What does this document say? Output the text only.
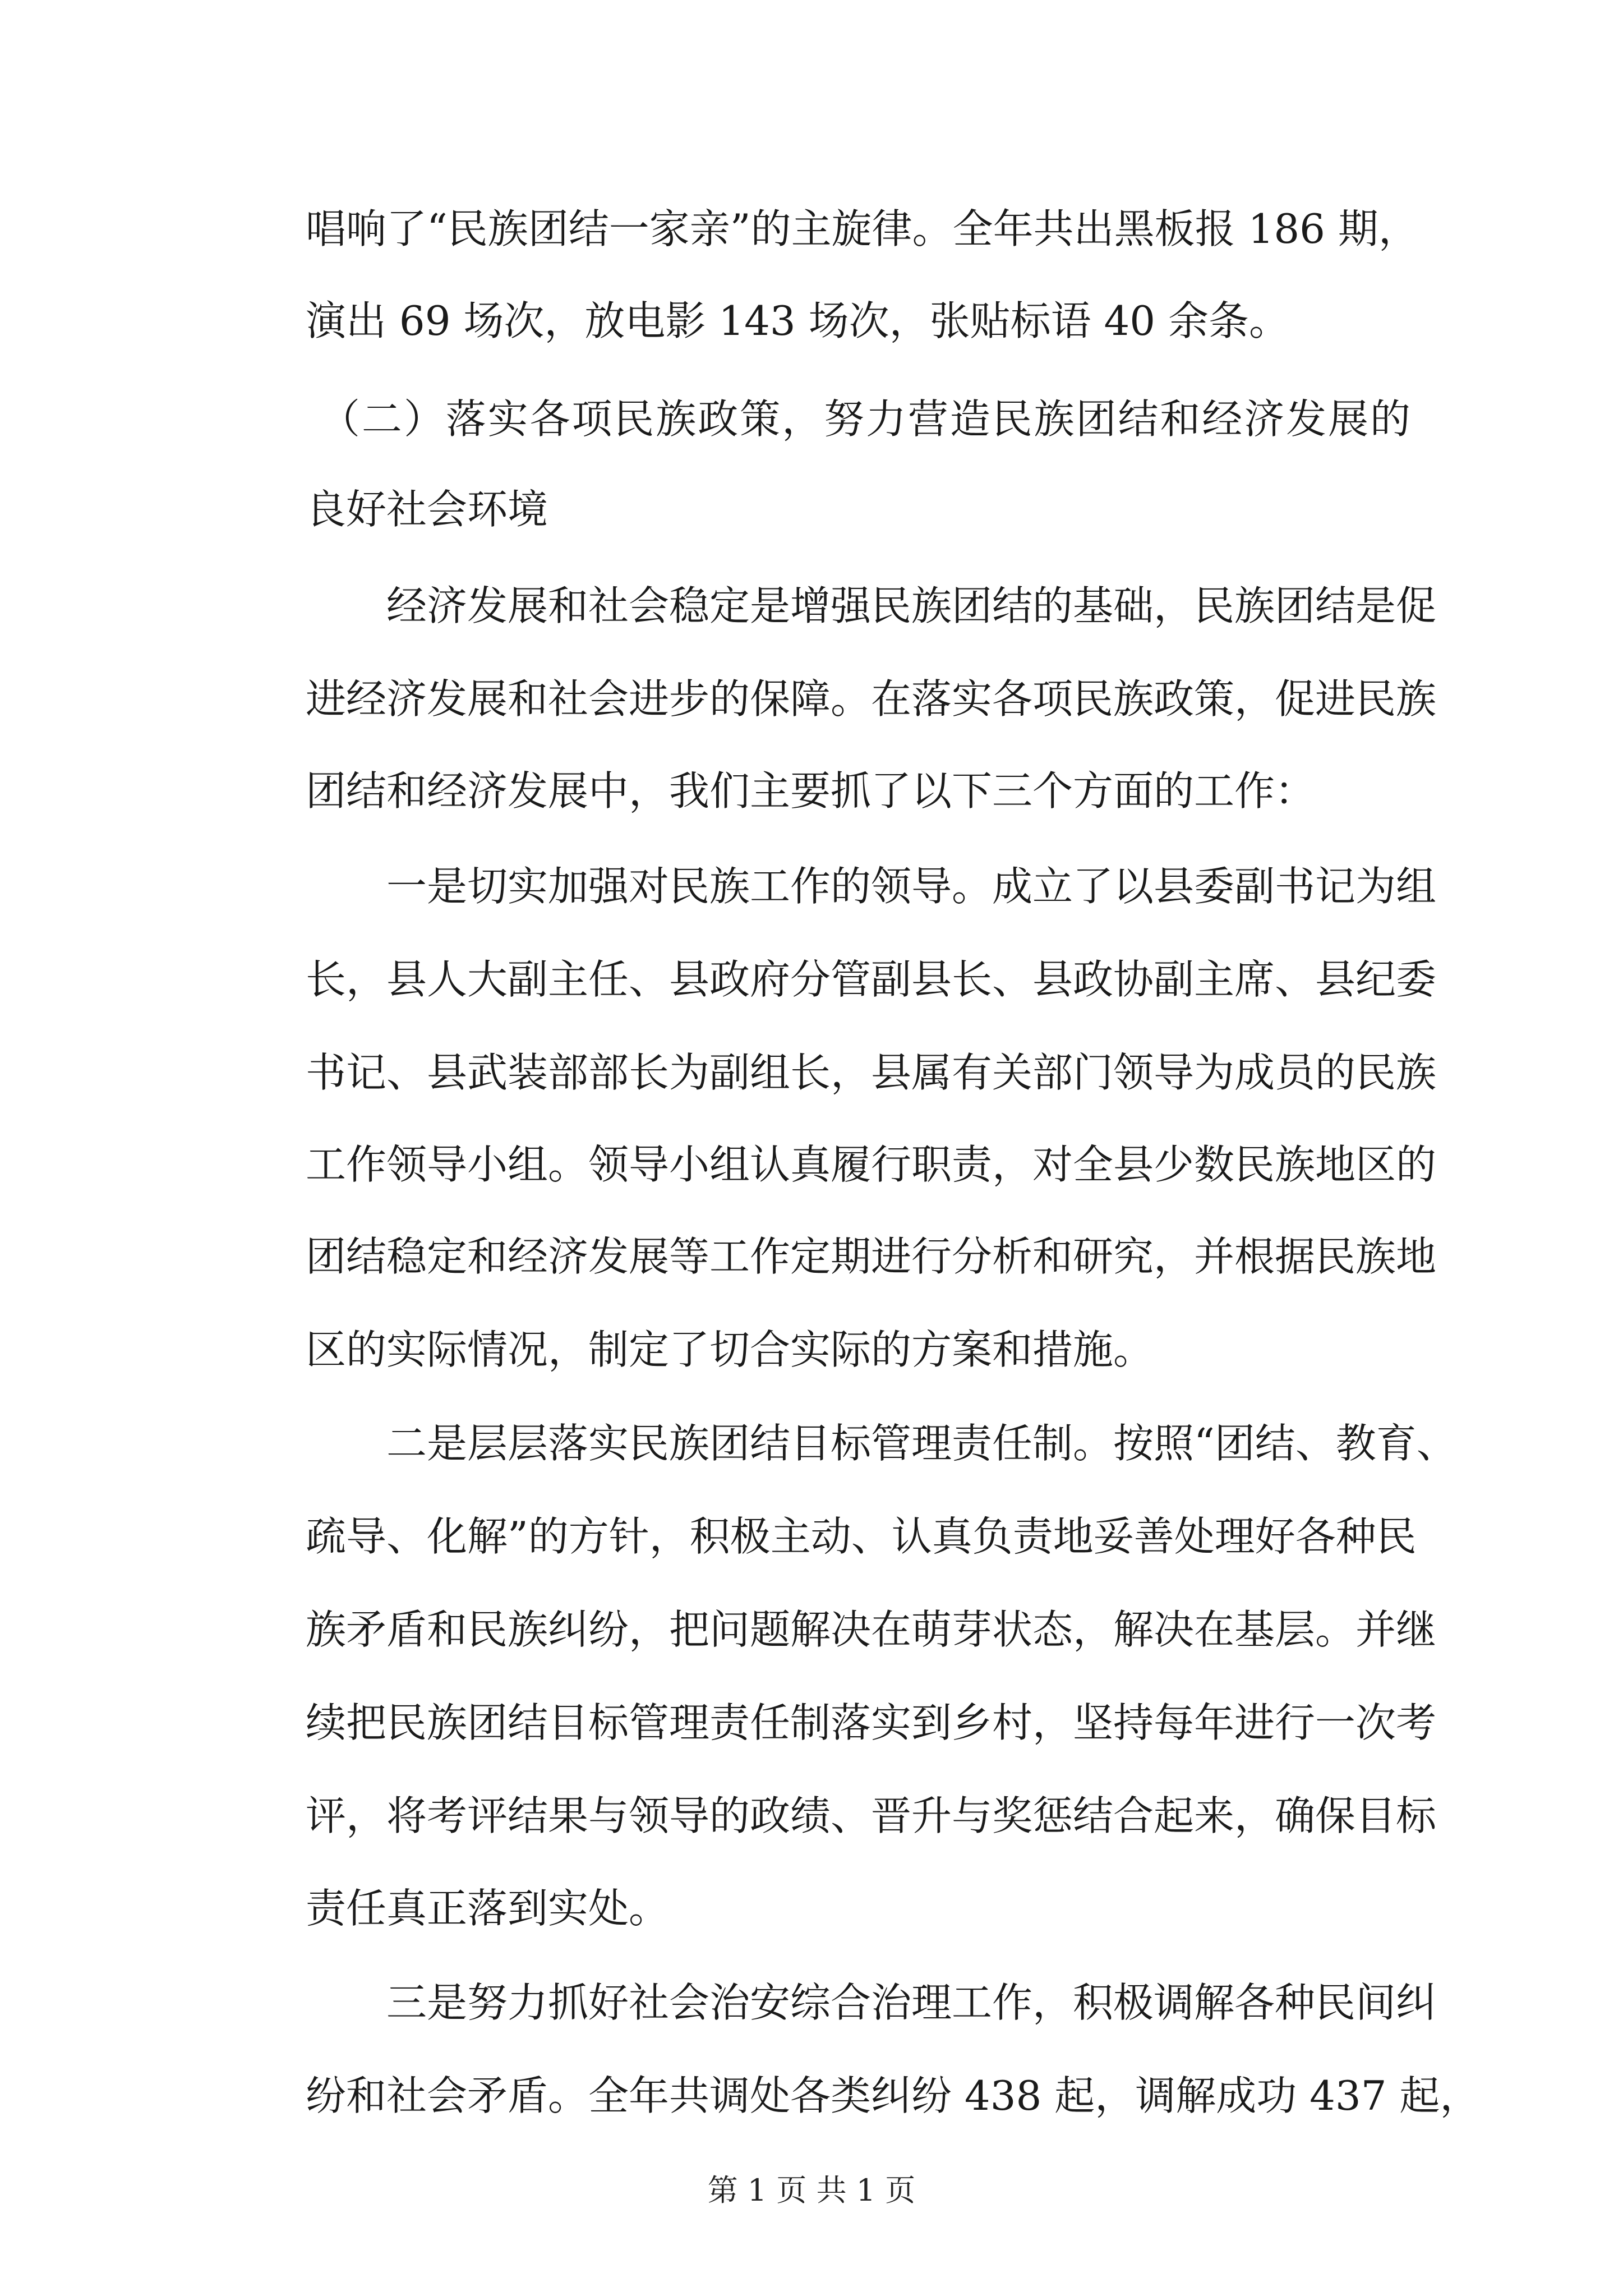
唱响了“民族团结一家亲”的主旋律。全年共出黑板报 186 期，
演出 69 场次，放电影 143 场次，张贴标语 40 余条。
（二）落实各项民族政策，努力营造民族团结和经济发展的
良好社会环境
经济发展和社会稳定是增强民族团结的基础，民族团结是促
进经济发展和社会进步的保障。在落实各项民族政策，促进民族
团结和经济发展中，我们主要抓了以下三个方面的工作：
一是切实加强对民族工作的领导。成立了以县委副书记为组
长，县人大副主任、县政府分管副县长、县政协副主席、县纪委
书记、县武装部部长为副组长，县属有关部门领导为成员的民族
工作领导小组。领导小组认真履行职责，对全县少数民族地区的
团结稳定和经济发展等工作定期进行分析和研究，并根据民族地
区的实际情况，制定了切合实际的方案和措施。
二是层层落实民族团结目标管理责任制。按照“团结、教育、
疏导、化解”的方针，积极主动、认真负责地妥善处理好各种民
族矛盾和民族纠纷，把问题解决在萌芽状态，解决在基层。并继
续把民族团结目标管理责任制落实到乡村，坚持每年进行一次考
评，将考评结果与领导的政绩、晋升与奖惩结合起来，确保目标
责任真正落到实处。
三是努力抓好社会治安综合治理工作，积极调解各种民间纠
纷和社会矛盾。全年共调处各类纠纷 438 起，调解成功 437 起，
第 1 页 共 1 页
